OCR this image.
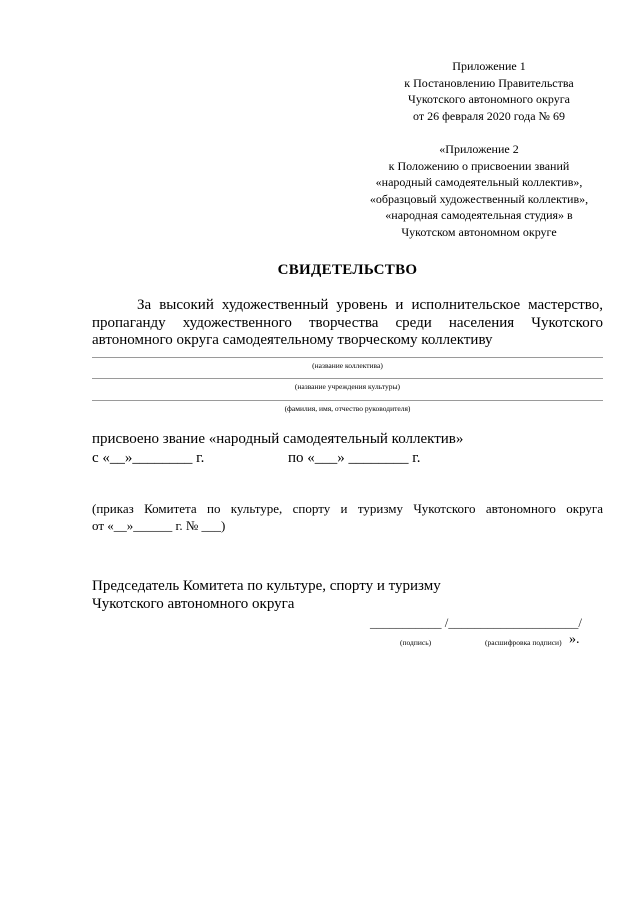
Приложение 1
к Постановлению Правительства
Чукотского автономного округа
от 26 февраля 2020 года № 69
«Приложение 2
к Положению о присвоении званий
«народный самодеятельный коллектив»,
«образцовый художественный коллектив»,
«народная самодеятельная студия» в
Чукотском автономном округе
СВИДЕТЕЛЬСТВО
За высокий художественный уровень и исполнительское мастерство,
пропаганду художественного творчества среди населения Чукотского
автономного округа самодеятельному творческому коллективу
(название коллектива)
(название учреждения культуры)
(фамилия, имя, отчество руководителя)
присвоено звание «народный самодеятельный коллектив»
с «__»________ г.	по «___» ________ г.
(приказ Комитета по культуре, спорту и туризму Чукотского автономного округа
от «__»______ г. № ___)
Председатель Комитета по культуре, спорту и туризму
Чукотского автономного округа
___________ /____________________/
(подпись)	(расшифровка подписи) ».
